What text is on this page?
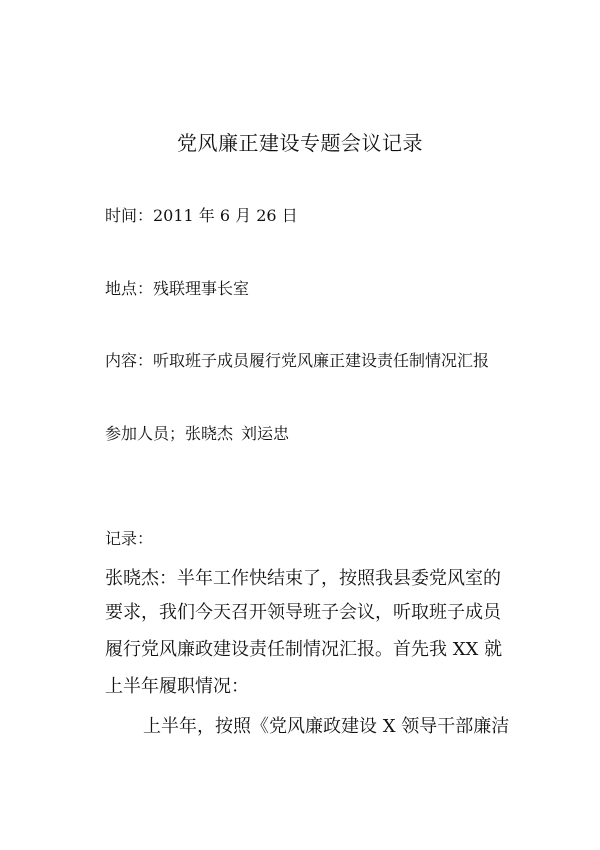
党风廉正建设专题会议记录
时间：2011 年 6 月 26 日
地点：残联理事长室
内容：听取班子成员履行党风廉正建设责任制情况汇报
参加人员；张晓杰 刘运忠
记录：
张晓杰：半年工作快结束了，按照我县委党风室的
要求，我们今天召开领导班子会议，听取班子成员
履行党风廉政建设责任制情况汇报。首先我 XX 就
上半年履职情况：
上半年，按照《党风廉政建设 X 领导干部廉洁
